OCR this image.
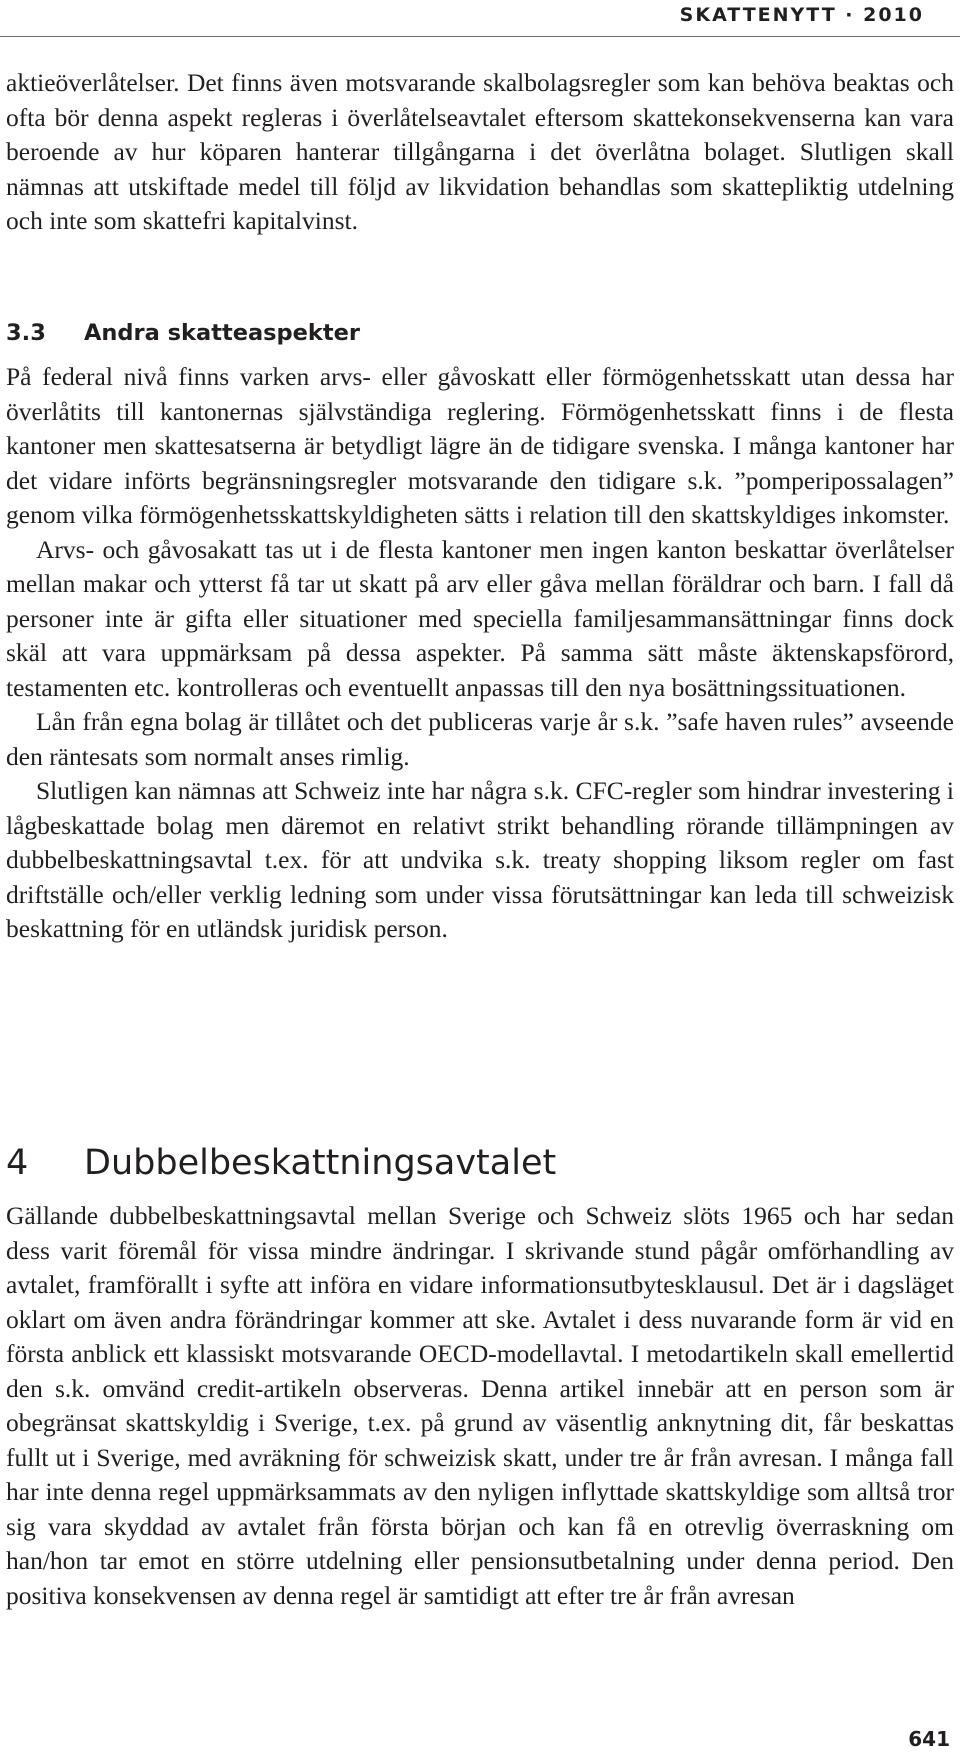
SKATTENYTT · 2010

aktieöverlåtelser. Det finns även motsvarande skalbolagsregler som kan behöva beaktas och ofta bör denna aspekt regleras i överlåtelseavtalet eftersom skattekonsekvenserna kan vara beroende av hur köparen hanterar tillgångarna i det överlåtna bolaget. Slutligen skall nämnas att utskiftade medel till följd av likvidation behandlas som skattepliktig utdelning och inte som skattefri kapitalvinst.

3.3 Andra skatteaspekter

På federal nivå finns varken arvs- eller gåvoskatt eller förmögenhetsskatt utan dessa har överlåtits till kantonernas självständiga reglering. Förmögenhetsskatt finns i de flesta kantoner men skattesatserna är betydligt lägre än de tidigare svenska. I många kantoner har det vidare införts begränsningsregler motsvarande den tidigare s.k. ”pomperipossalagen” genom vilka förmögenhetsskattskyldigheten sätts i relation till den skattskyldiges inkomster.

Arvs- och gåvosakatt tas ut i de flesta kantoner men ingen kanton beskattar överlåtelser mellan makar och ytterst få tar ut skatt på arv eller gåva mellan föräldrar och barn. I fall då personer inte är gifta eller situationer med speciella familjesammansättningar finns dock skäl att vara uppmärksam på dessa aspekter. På samma sätt måste äktenskapsförord, testamenten etc. kontrolleras och eventuellt anpassas till den nya bosättningssituationen.

Lån från egna bolag är tillåtet och det publiceras varje år s.k. ”safe haven rules” avseende den räntesats som normalt anses rimlig.

Slutligen kan nämnas att Schweiz inte har några s.k. CFC-regler som hindrar investering i lågbeskattade bolag men däremot en relativt strikt behandling rörande tillämpningen av dubbelbeskattningsavtal t.ex. för att undvika s.k. treaty shopping liksom regler om fast driftställe och/eller verklig ledning som under vissa förutsättningar kan leda till schweizisk beskattning för en utländsk juridisk person.

4 Dubbelbeskattningsavtalet

Gällande dubbelbeskattningsavtal mellan Sverige och Schweiz slöts 1965 och har sedan dess varit föremål för vissa mindre ändringar. I skrivande stund pågår omförhandling av avtalet, framförallt i syfte att införa en vidare informationsutbytesklausul. Det är i dagsläget oklart om även andra förändringar kommer att ske. Avtalet i dess nuvarande form är vid en första anblick ett klassiskt motsvarande OECD-modellavtal. I metodartikeln skall emellertid den s.k. omvänd credit-artikeln observeras. Denna artikel innebär att en person som är obegränsat skattskyldig i Sverige, t.ex. på grund av väsentlig anknytning dit, får beskattas fullt ut i Sverige, med avräkning för schweizisk skatt, under tre år från avresan. I många fall har inte denna regel uppmärksammats av den nyligen inflyttade skattskyldige som alltså tror sig vara skyddad av avtalet från första början och kan få en otrevlig överraskning om han/hon tar emot en större utdelning eller pensionsutbetalning under denna period. Den positiva konsekvensen av denna regel är samtidigt att efter tre år från avresan

641
